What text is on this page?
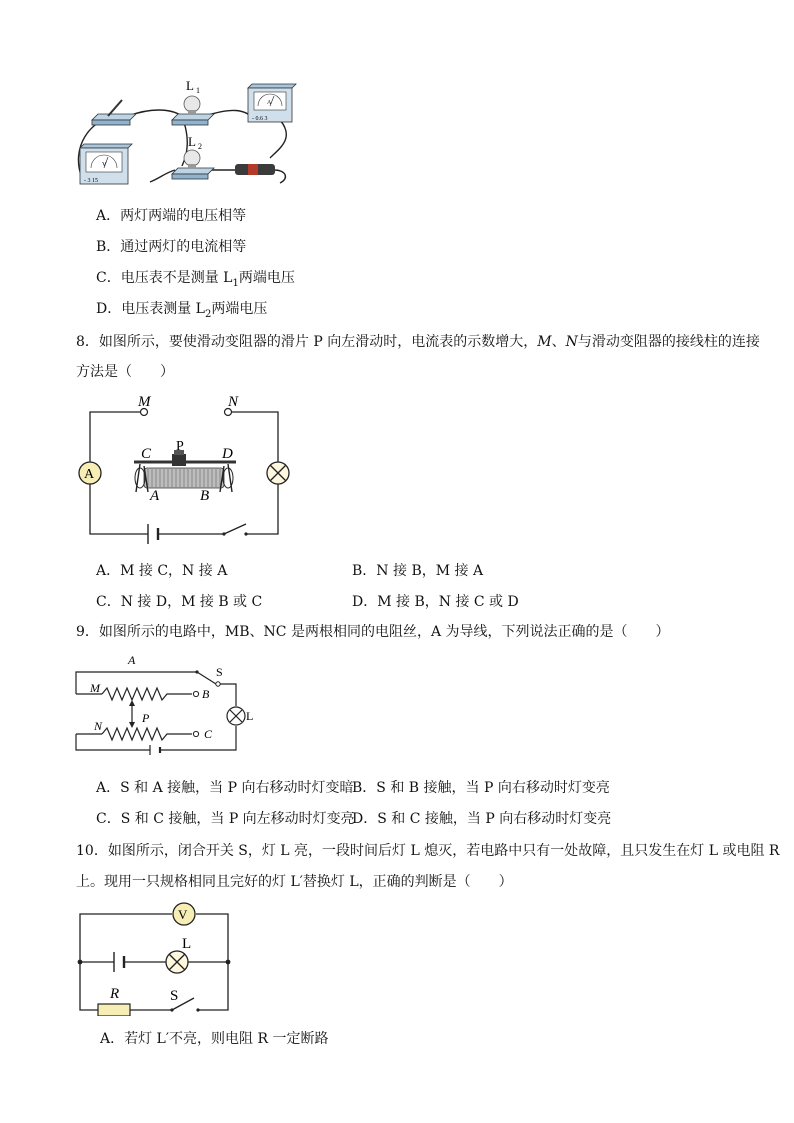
L 1
A
- 0.6 3
L 2
V
- 3 15
A．两灯两端的电压相等
B．通过两灯的电流相等
C．电压表不是测量 $L_1$两端电压
D．电压表测量 $L_2$两端电压
8．如图所示，要使滑动变阻器的滑片 P 向左滑动时，电流表的示数增大，M、N与滑动变阻器的接线柱的连接
方法是（　　）
M	N
A
C P	D
A	B
A．M 接 C，N 接 A	B．N 接 B，M 接 A
C．N 接 D，M 接 B 或 C	D．M 接 B，N 接 C 或 D
9．如图所示的电路中，MB、NC 是两根相同的电阻丝，A 为导线，下列说法正确的是（　　）
A
S
M	B
P	L
N
C
A．S 和 A 接触，当 P 向右移动时灯变暗
B．S 和 B 接触，当 P 向右移动时灯变亮
C．S 和 C 接触，当 P 向左移动时灯变亮
D．S 和 C 接触，当 P 向右移动时灯变亮
10．如图所示，闭合开关 S，灯 L 亮，一段时间后灯 L 熄灭，若电路中只有一处故障，且只发生在灯 L 或电阻 R
上。现用一只规格相同且完好的灯 L′替换灯 L，正确的判断是（　　）
V
L
R	S
A．若灯 L′不亮，则电阻 R 一定断路
